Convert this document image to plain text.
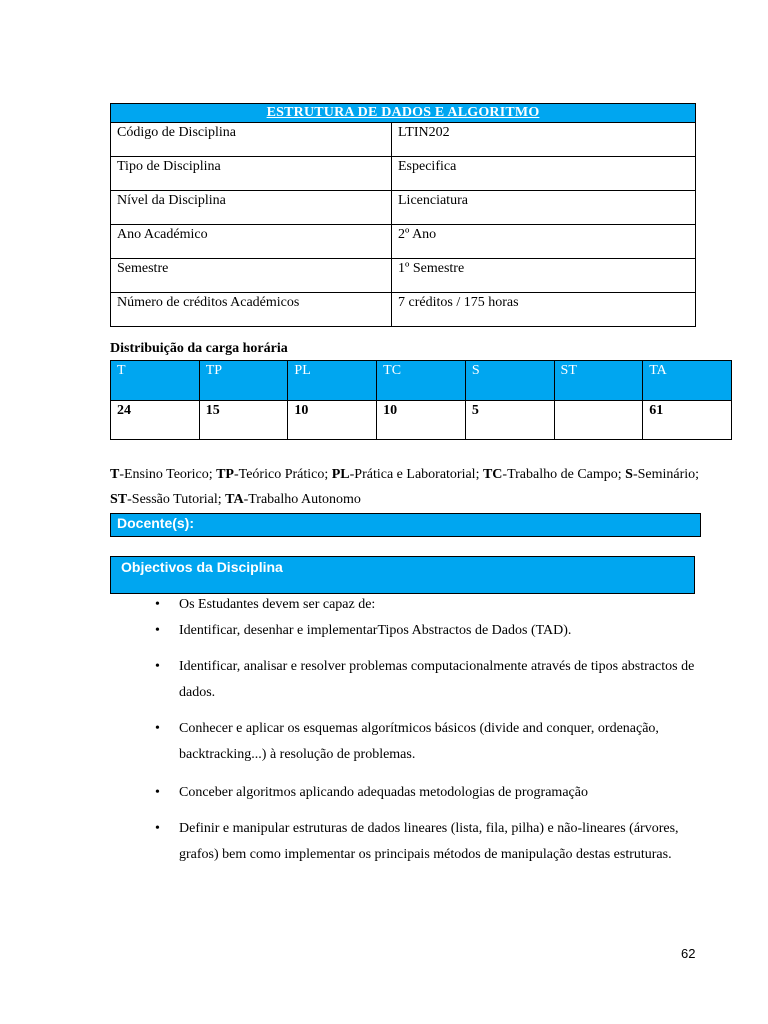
ESTRUTURA DE DADOS E ALGORITMO	
Código de Disciplina	LTIN202
Tipo de Disciplina	Especifica
Nível da Disciplina	Licenciatura
Ano Académico	2º Ano
Semestre	1º Semestre
Número de créditos Académicos	7 créditos / 175 horas
Distribuição da carga horária
T	TP	PL	TC	S	ST	TA
24	15	10	10	5		61
T-Ensino Teorico; TP-Teórico Prático; PL-Prática e Laboratorial; TC-Trabalho de Campo; S-Seminário; ST-Sessão Tutorial; TA-Trabalho Autonomo
Docente(s):
Objectivos da Disciplina
• Os Estudantes devem ser capaz de:
• Identificar, desenhar e implementarTipos Abstractos de Dados (TAD).
• Identificar, analisar e resolver problemas computacionalmente através de tipos abstractos de dados.
• Conhecer e aplicar os esquemas algorítmicos básicos (divide and conquer, ordenação, backtracking...) à resolução de problemas.
• Conceber algoritmos aplicando adequadas metodologias de programação
• Definir e manipular estruturas de dados lineares (lista, fila, pilha) e não-lineares (árvores, grafos) bem como implementar os principais métodos de manipulação destas estruturas.
62
